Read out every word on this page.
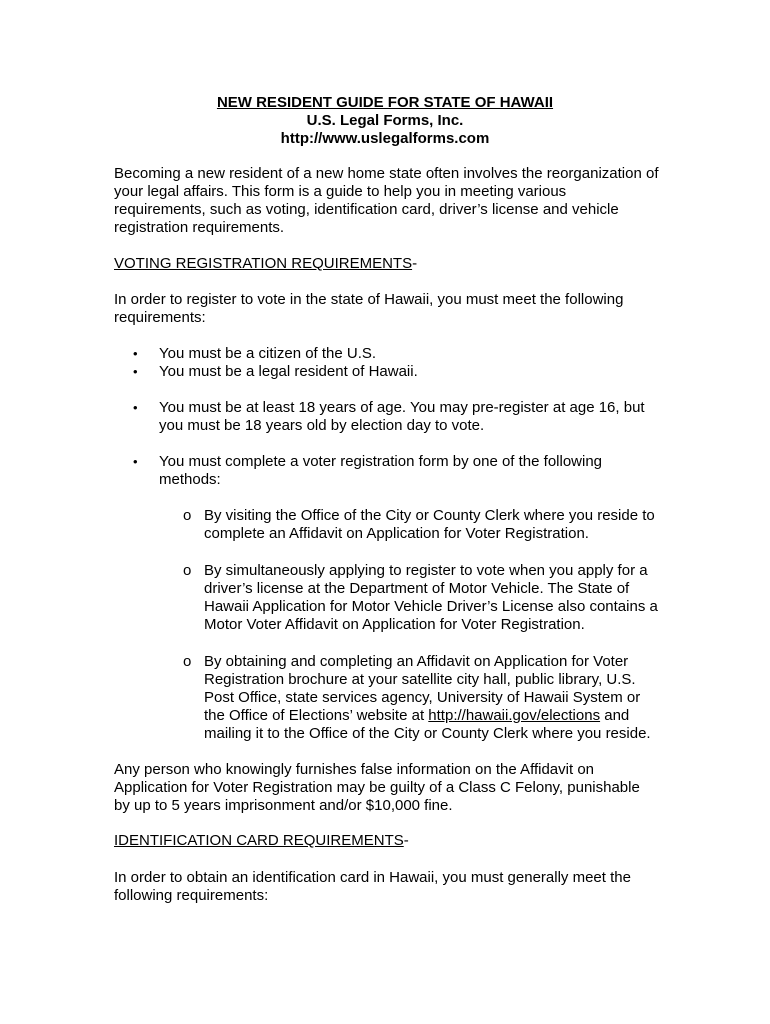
NEW RESIDENT GUIDE FOR STATE OF HAWAII
U.S. Legal Forms, Inc.
http://www.uslegalforms.com
Becoming a new resident of a new home state often involves the reorganization of your legal affairs. This form is a guide to help you in meeting various requirements, such as voting, identification card, driver’s license and vehicle registration requirements.
VOTING REGISTRATION REQUIREMENTS-
In order to register to vote in the state of Hawaii, you must meet the following requirements:
•	You must be a citizen of the U.S.
•	You must be a legal resident of Hawaii.
•	You must be at least 18 years of age. You may pre-register at age 16, but you must be 18 years old by election day to vote.
•	You must complete a voter registration form by one of the following methods:
o By visiting the Office of the City or County Clerk where you reside to complete an Affidavit on Application for Voter Registration.
o By simultaneously applying to register to vote when you apply for a driver’s license at the Department of Motor Vehicle. The State of Hawaii Application for Motor Vehicle Driver’s License also contains a Motor Voter Affidavit on Application for Voter Registration.
o By obtaining and completing an Affidavit on Application for Voter Registration brochure at your satellite city hall, public library, U.S. Post Office, state services agency, University of Hawaii System or the Office of Elections’ website at http://hawaii.gov/elections and mailing it to the Office of the City or County Clerk where you reside.
Any person who knowingly furnishes false information on the Affidavit on Application for Voter Registration may be guilty of a Class C Felony, punishable by up to 5 years imprisonment and/or $10,000 fine.
IDENTIFICATION CARD REQUIREMENTS-
In order to obtain an identification card in Hawaii, you must generally meet the following requirements:
